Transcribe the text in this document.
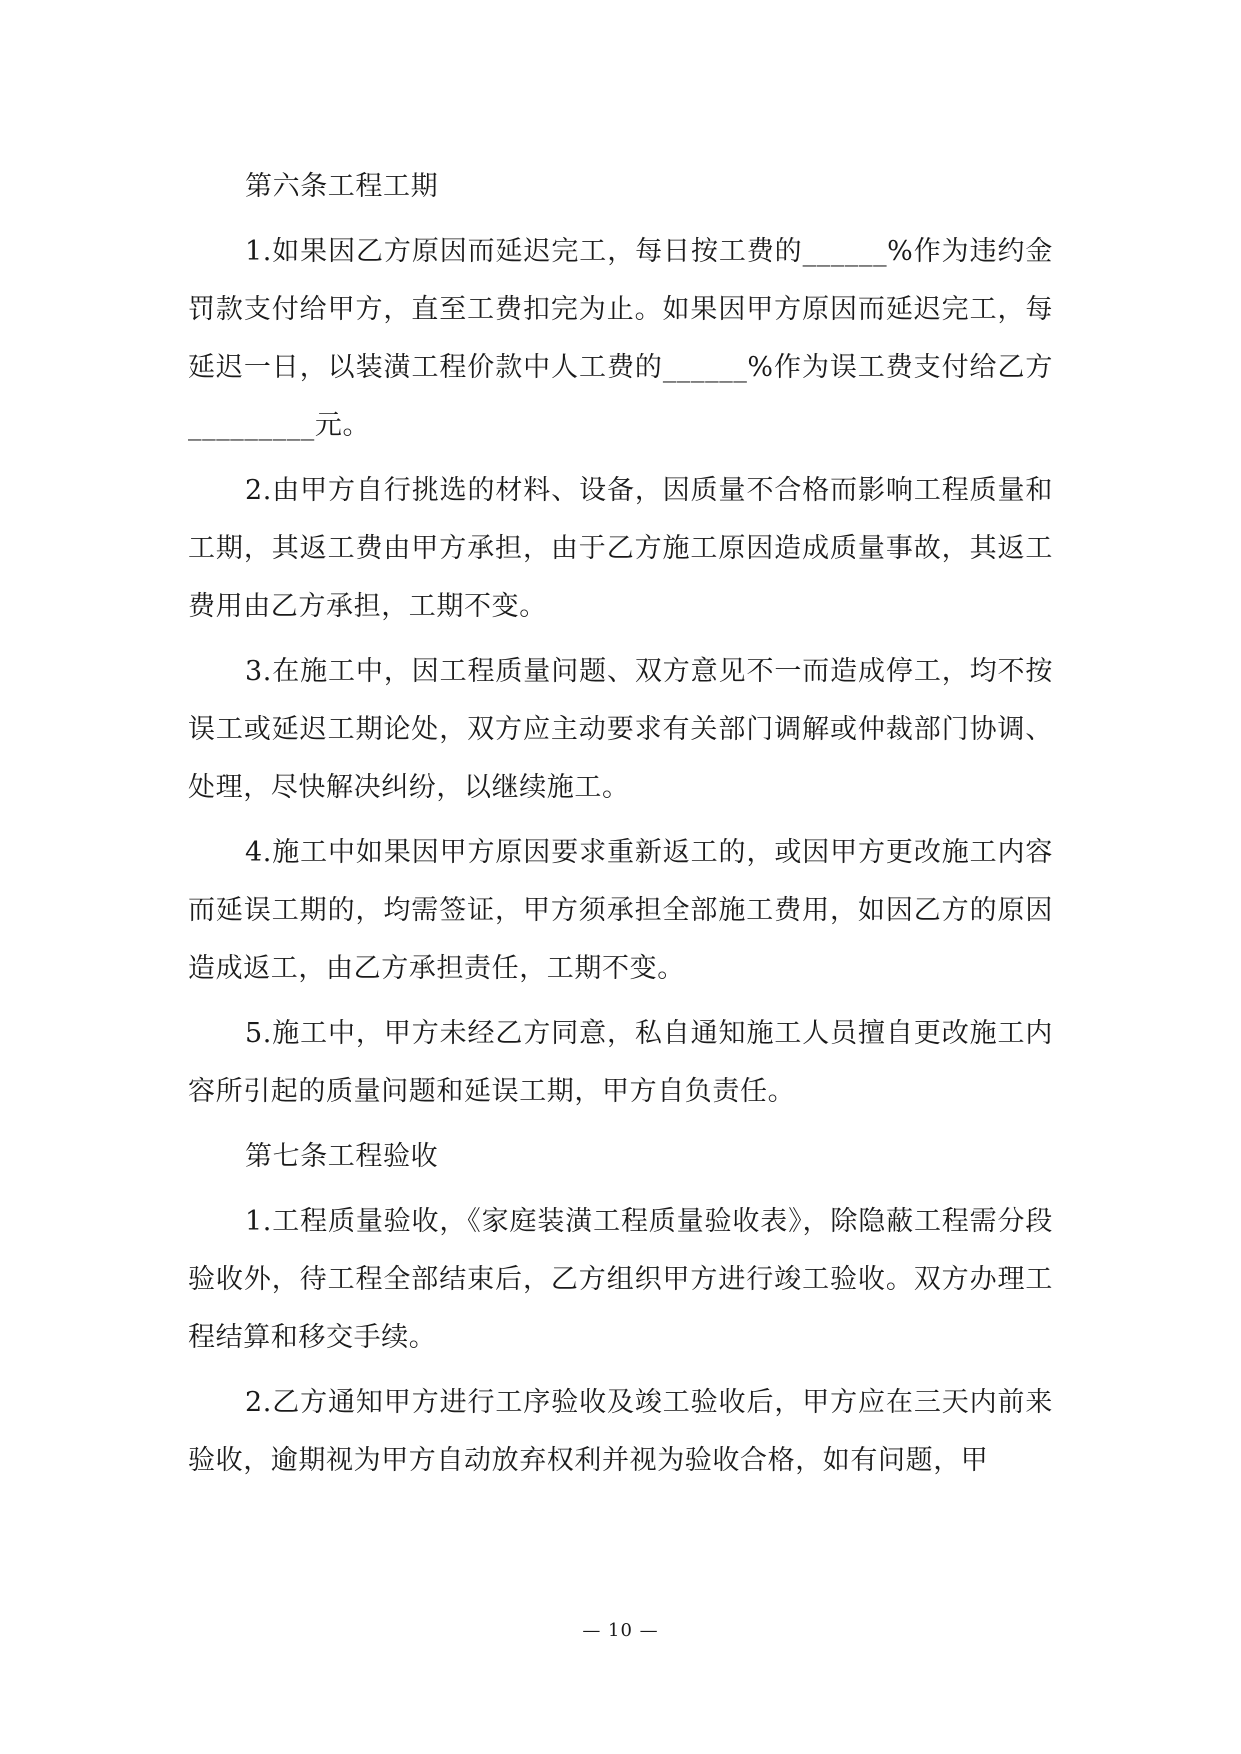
第六条工程工期

1.如果因乙方原因而延迟完工，每日按工费的______%作为违约金罚款支付给甲方，直至工费扣完为止。如果因甲方原因而延迟完工，每延迟一日，以装潢工程价款中人工费的______%作为误工费支付给乙方_________元。

2.由甲方自行挑选的材料、设备，因质量不合格而影响工程质量和工期，其返工费由甲方承担，由于乙方施工原因造成质量事故，其返工费用由乙方承担，工期不变。

3.在施工中，因工程质量问题、双方意见不一而造成停工，均不按误工或延迟工期论处，双方应主动要求有关部门调解或仲裁部门协调、处理，尽快解决纠纷，以继续施工。

4.施工中如果因甲方原因要求重新返工的，或因甲方更改施工内容而延误工期的，均需签证，甲方须承担全部施工费用，如因乙方的原因造成返工，由乙方承担责任，工期不变。

5.施工中，甲方未经乙方同意，私自通知施工人员擅自更改施工内容所引起的质量问题和延误工期，甲方自负责任。

第七条工程验收

1.工程质量验收，《家庭装潢工程质量验收表》，除隐蔽工程需分段验收外，待工程全部结束后，乙方组织甲方进行竣工验收。双方办理工程结算和移交手续。

2.乙方通知甲方进行工序验收及竣工验收后，甲方应在三天内前来验收，逾期视为甲方自动放弃权利并视为验收合格，如有问题，甲

— 10 —
